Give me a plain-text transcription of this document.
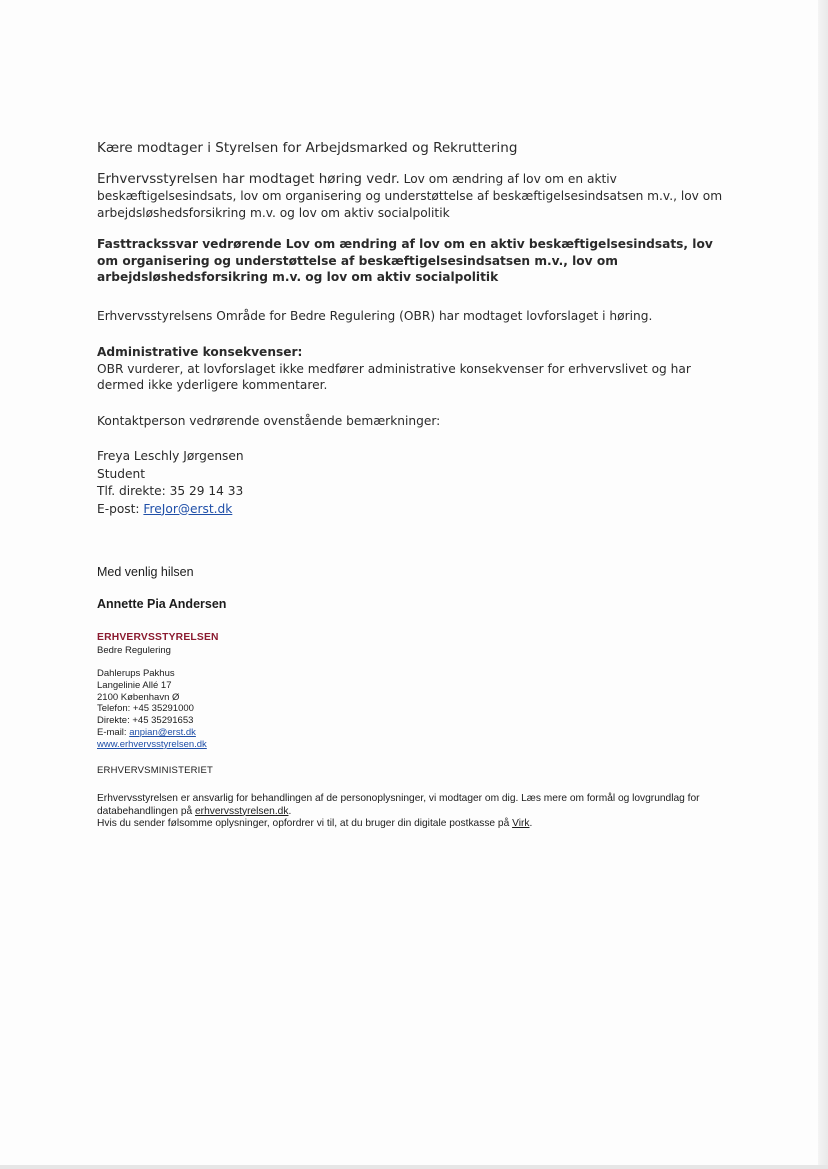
Kære modtager i Styrelsen for Arbejdsmarked og Rekruttering
Erhvervsstyrelsen har modtaget høring vedr. Lov om ændring af lov om en aktiv beskæftigelsesindsats, lov om organisering og understøttelse af beskæftigelsesindsatsen m.v., lov om arbejdsløshedsforsikring m.v. og lov om aktiv socialpolitik
Fasttrackssvar vedrørende Lov om ændring af lov om en aktiv beskæftigelsesindsats, lov om organisering og understøttelse af beskæftigelsesindsatsen m.v., lov om arbejdsløshedsforsikring m.v. og lov om aktiv socialpolitik
Erhvervsstyrelsens Område for Bedre Regulering (OBR) har modtaget lovforslaget i høring.
Administrative konsekvenser:
OBR vurderer, at lovforslaget ikke medfører administrative konsekvenser for erhvervslivet og har dermed ikke yderligere kommentarer.
Kontaktperson vedrørende ovenstående bemærkninger:
Freya Leschly Jørgensen
Student
Tlf. direkte: 35 29 14 33
E-post: FreJor@erst.dk
Med venlig hilsen
Annette Pia Andersen
ERHVERVSSTYRELSEN
Bedre Regulering
Dahlerups Pakhus
Langelinie Allé 17
2100 København Ø
Telefon: +45 35291000
Direkte: +45 35291653
E-mail: anpian@erst.dk
www.erhvervsstyrelsen.dk
ERHVERVSMINISTERIET
Erhvervsstyrelsen er ansvarlig for behandlingen af de personoplysninger, vi modtager om dig. Læs mere om formål og lovgrundlag for databehandlingen på erhvervsstyrelsen.dk.
Hvis du sender følsomme oplysninger, opfordrer vi til, at du bruger din digitale postkasse på Virk.
